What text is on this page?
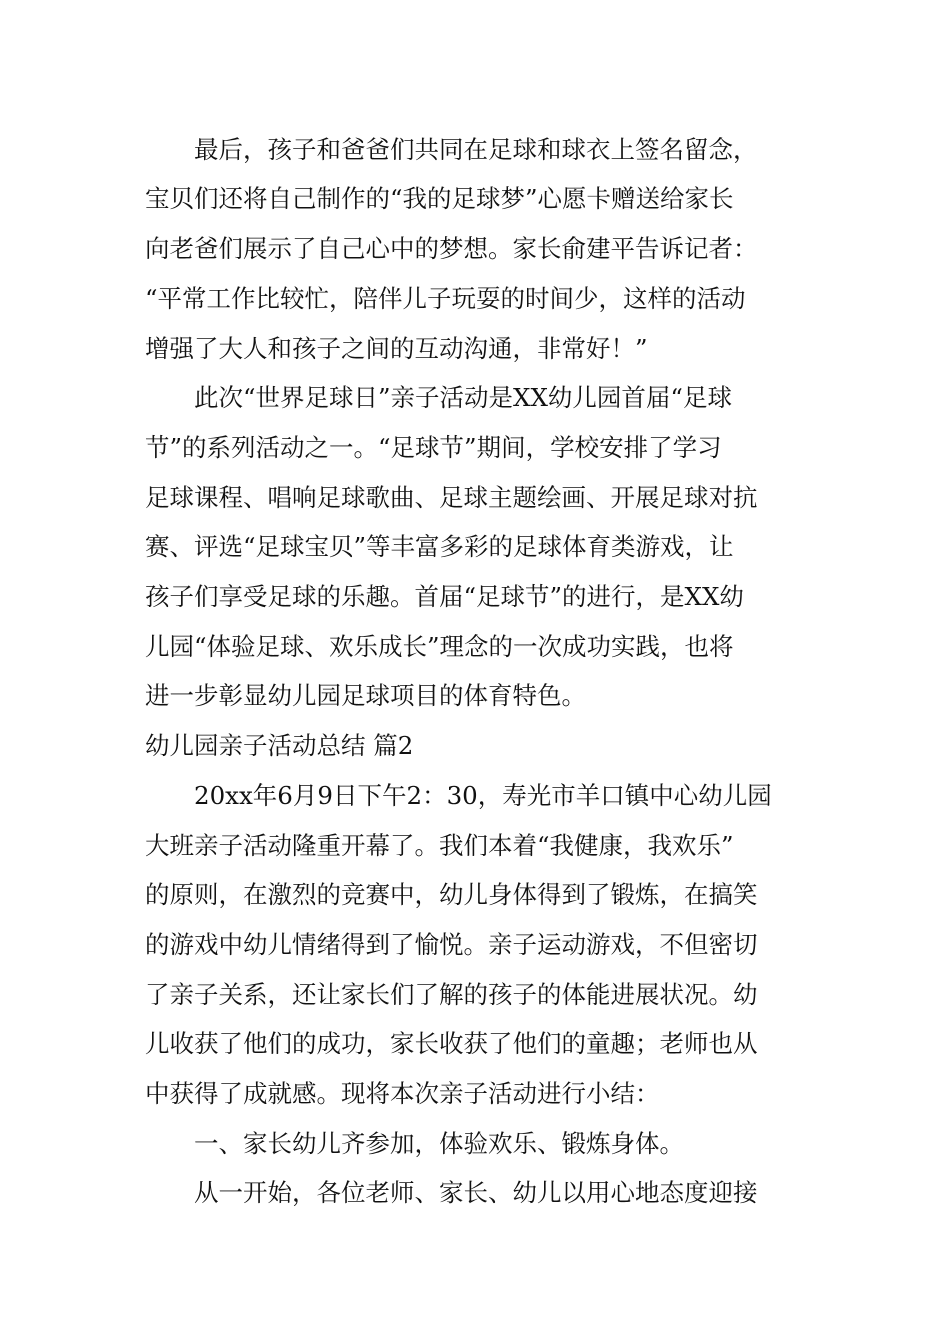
　　最后，孩子和爸爸们共同在足球和球衣上签名留念，
宝贝们还将自己制作的“我的足球梦”心愿卡赠送给家长
向老爸们展示了自己心中的梦想。家长俞建平告诉记者：
“平常工作比较忙，陪伴儿子玩耍的时间少，这样的活动
增强了大人和孩子之间的互动沟通，非常好！”
　　此次“世界足球日”亲子活动是XX幼儿园首届“足球
节”的系列活动之一。“足球节”期间，学校安排了学习
足球课程、唱响足球歌曲、足球主题绘画、开展足球对抗
赛、评选“足球宝贝”等丰富多彩的足球体育类游戏，让
孩子们享受足球的乐趣。首届“足球节”的进行，是XX幼
儿园“体验足球、欢乐成长”理念的一次成功实践，也将
进一步彰显幼儿园足球项目的体育特色。
幼儿园亲子活动总结 篇2
　　20xx年6月9日下午2：30，寿光市羊口镇中心幼儿园
大班亲子活动隆重开幕了。我们本着“我健康，我欢乐”
的原则，在激烈的竞赛中，幼儿身体得到了锻炼，在搞笑
的游戏中幼儿情绪得到了愉悦。亲子运动游戏，不但密切
了亲子关系，还让家长们了解的孩子的体能进展状况。幼
儿收获了他们的成功，家长收获了他们的童趣；老师也从
中获得了成就感。现将本次亲子活动进行小结：
　　一、家长幼儿齐参加，体验欢乐、锻炼身体。
　　从一开始，各位老师、家长、幼儿以用心地态度迎接
